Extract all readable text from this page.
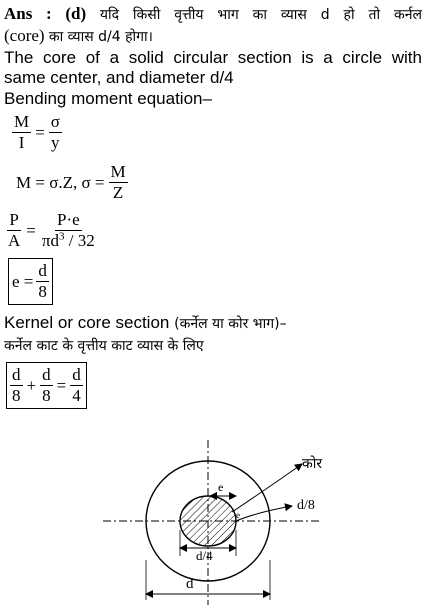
Ans : (d) यदि किसी वृत्तीय भाग का व्यास d हो तो कर्नल
(core) का व्यास d/4 होगा।
The core of a solid circular section is a circle with
same center, and diameter d/4
Bending moment equation–
$\frac{M}{I} = \frac{\sigma}{y}$
M = σ.Z, $\sigma = \frac{M}{Z}$
$\frac{P}{A} = \frac{P\cdot e}{\pi d^3 / 32}$
$e = \frac{d}{8}$
Kernel or core section (कर्नेल या कोर भाग)–
कर्नेल काट के वृत्तीय काट व्यास के लिए
$\frac{d}{8} + \frac{d}{8} = \frac{d}{4}$
e
कोर
d/8
e
d/4
d
